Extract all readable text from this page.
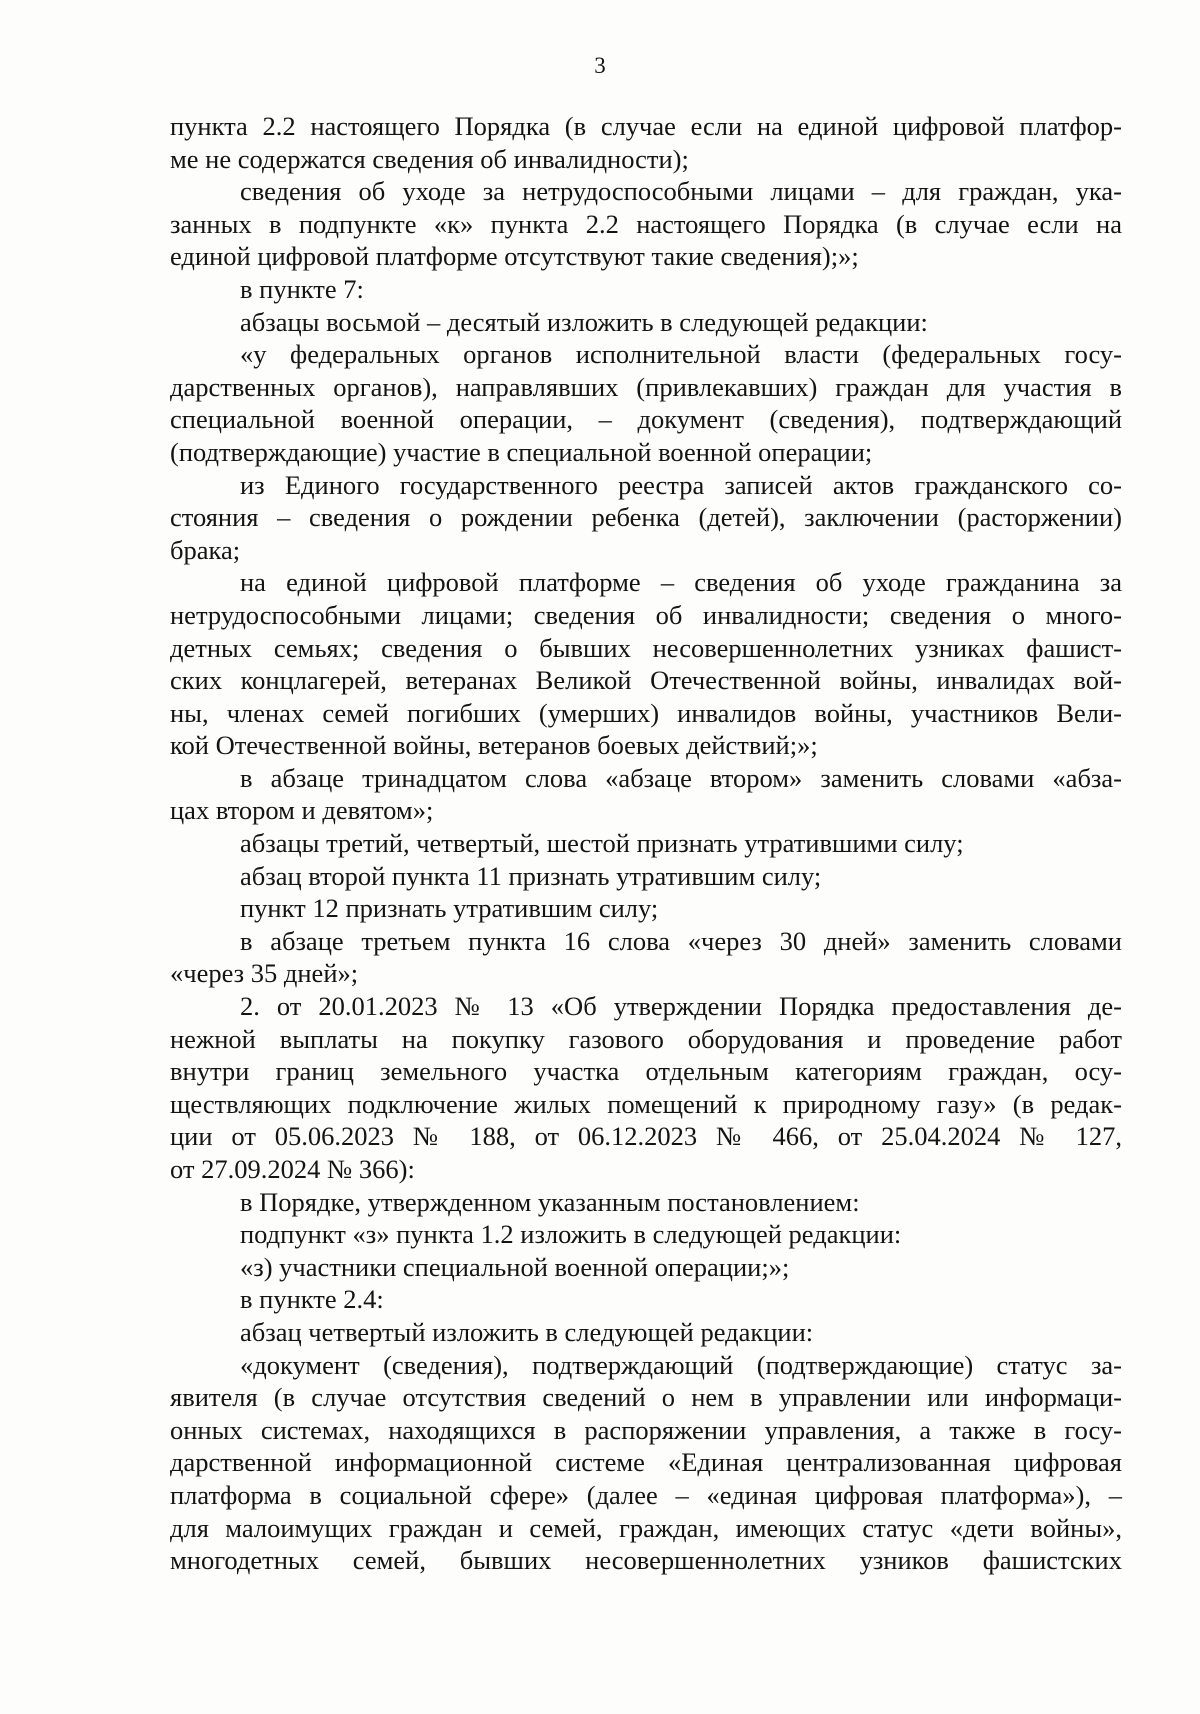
3
пункта 2.2 настоящего Порядка (в случае если на единой цифровой платфор-
ме не содержатся сведения об инвалидности);
сведения об уходе за нетрудоспособными лицами – для граждан, ука-
занных в подпункте «к» пункта 2.2 настоящего Порядка (в случае если на
единой цифровой платформе отсутствуют такие сведения);»;
в пункте 7:
абзацы восьмой – десятый изложить в следующей редакции:
«у федеральных органов исполнительной власти (федеральных госу-
дарственных органов), направлявших (привлекавших) граждан для участия в
специальной военной операции, – документ (сведения), подтверждающий
(подтверждающие) участие в специальной военной операции;
из Единого государственного реестра записей актов гражданского со-
стояния – сведения о рождении ребенка (детей), заключении (расторжении)
брака;
на единой цифровой платформе – сведения об уходе гражданина за
нетрудоспособными лицами; сведения об инвалидности; сведения о много-
детных семьях; сведения о бывших несовершеннолетних узниках фашист-
ских концлагерей, ветеранах Великой Отечественной войны, инвалидах вой-
ны, членах семей погибших (умерших) инвалидов войны, участников Вели-
кой Отечественной войны, ветеранов боевых действий;»;
в абзаце тринадцатом слова «абзаце втором» заменить словами «абза-
цах втором и девятом»;
абзацы третий, четвертый, шестой признать утратившими силу;
абзац второй пункта 11 признать утратившим силу;
пункт 12 признать утратившим силу;
в абзаце третьем пункта 16 слова «через 30 дней» заменить словами
«через 35 дней»;
2. от 20.01.2023 № 13 «Об утверждении Порядка предоставления де-
нежной выплаты на покупку газового оборудования и проведение работ
внутри границ земельного участка отдельным категориям граждан, осу-
ществляющих подключение жилых помещений к природному газу» (в редак-
ции от 05.06.2023 № 188, от 06.12.2023 № 466, от 25.04.2024 № 127,
от 27.09.2024 № 366):
в Порядке, утвержденном указанным постановлением:
подпункт «з» пункта 1.2 изложить в следующей редакции:
«з) участники специальной военной операции;»;
в пункте 2.4:
абзац четвертый изложить в следующей редакции:
«документ (сведения), подтверждающий (подтверждающие) статус за-
явителя (в случае отсутствия сведений о нем в управлении или информаци-
онных системах, находящихся в распоряжении управления, а также в госу-
дарственной информационной системе «Единая централизованная цифровая
платформа в социальной сфере» (далее – «единая цифровая платформа»), –
для малоимущих граждан и семей, граждан, имеющих статус «дети войны»,
многодетных семей, бывших несовершеннолетних узников фашистских
